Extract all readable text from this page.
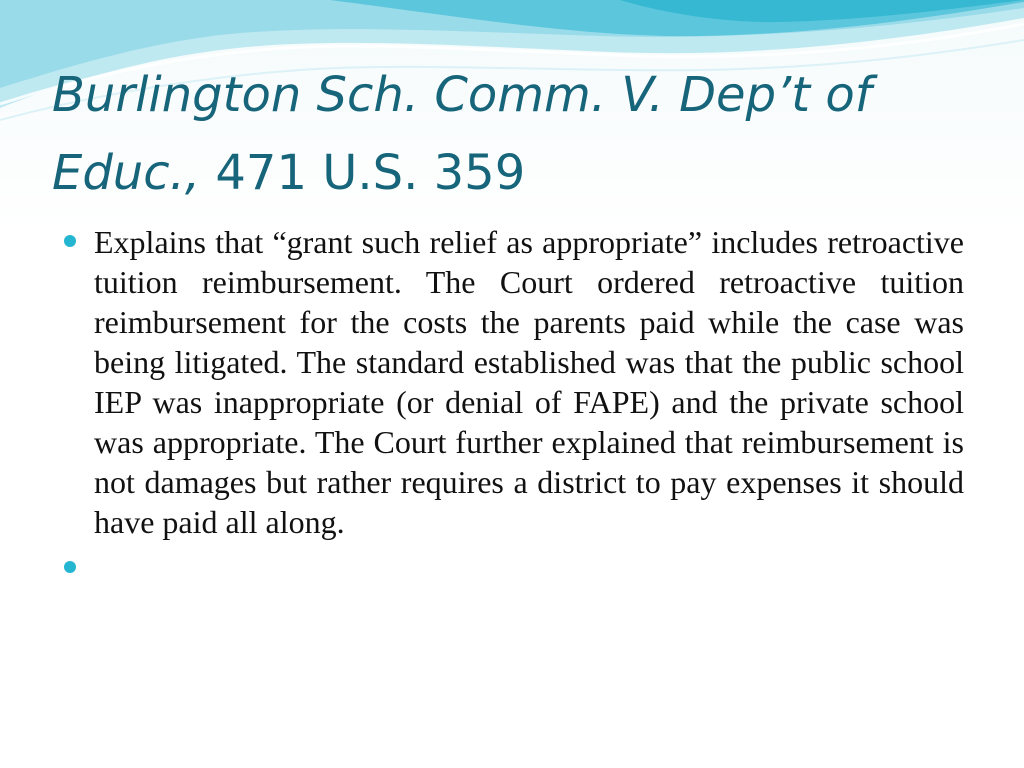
Burlington Sch. Comm. V. Dep’t of Educ., 471 U.S. 359
Explains that “grant such relief as appropriate” includes retroactive tuition reimbursement. The Court ordered retroactive tuition reimbursement for the costs the parents paid while the case was being litigated. The standard established was that the public school IEP was inappropriate (or denial of FAPE) and the private school was appropriate. The Court further explained that reimbursement is not damages but rather requires a district to pay expenses it should have paid all along.
